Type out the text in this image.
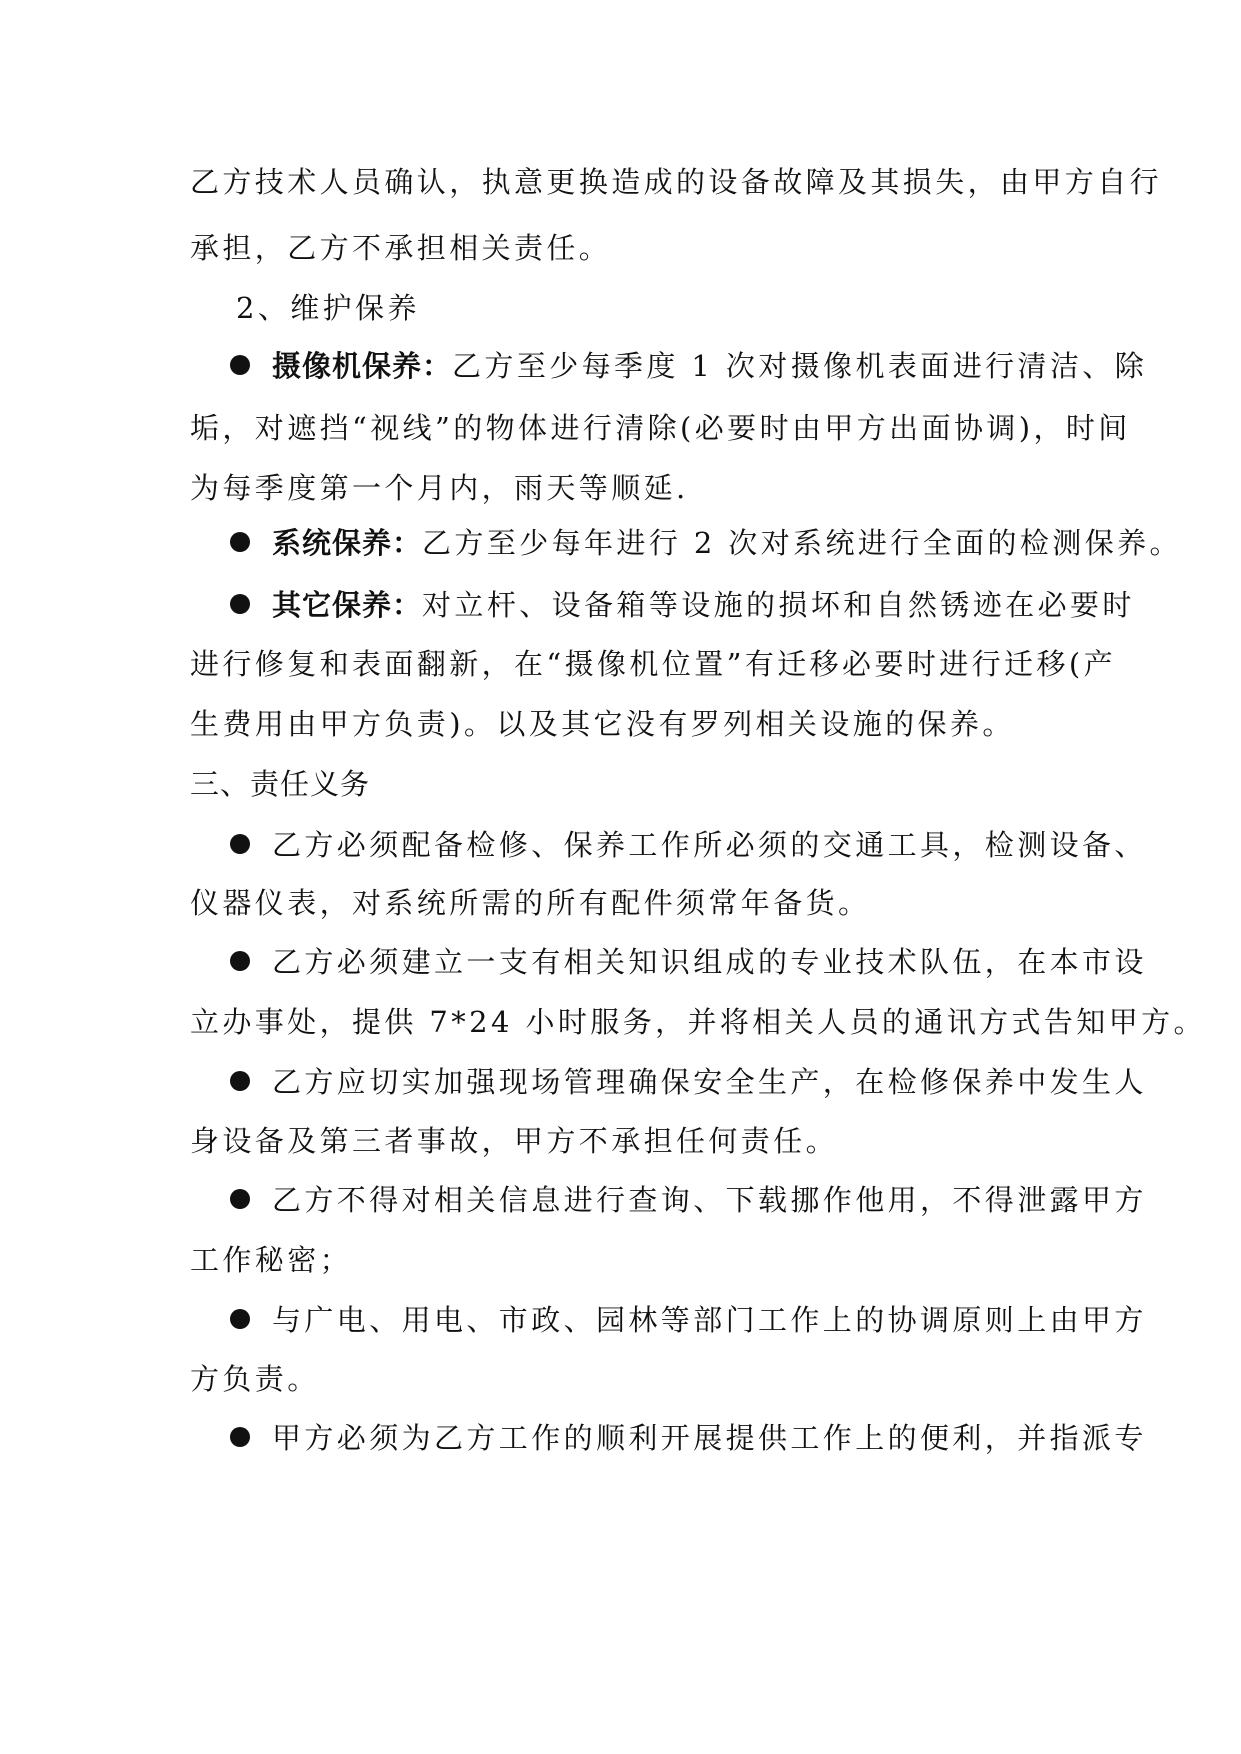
乙方技术人员确认，执意更换造成的设备故障及其损失，由甲方自行
承担，乙方不承担相关责任。
2、维护保养
摄像机保养：乙方至少每季度 1 次对摄像机表面进行清洁、除
垢，对遮挡“视线”的物体进行清除(必要时由甲方出面协调)，时间
为每季度第一个月内，雨天等顺延.
系统保养：乙方至少每年进行 2 次对系统进行全面的检测保养。
其它保养：对立杆、设备箱等设施的损坏和自然锈迹在必要时
进行修复和表面翻新，在“摄像机位置”有迁移必要时进行迁移(产
生费用由甲方负责)。以及其它没有罗列相关设施的保养。
三、责任义务
乙方必须配备检修、保养工作所必须的交通工具，检测设备、
仪器仪表，对系统所需的所有配件须常年备货。
乙方必须建立一支有相关知识组成的专业技术队伍，在本市设
立办事处，提供 7*24 小时服务，并将相关人员的通讯方式告知甲方。
乙方应切实加强现场管理确保安全生产，在检修保养中发生人
身设备及第三者事故，甲方不承担任何责任。
乙方不得对相关信息进行查询、下载挪作他用，不得泄露甲方
工作秘密；
与广电、用电、市政、园林等部门工作上的协调原则上由甲方
方负责。
甲方必须为乙方工作的顺利开展提供工作上的便利，并指派专
